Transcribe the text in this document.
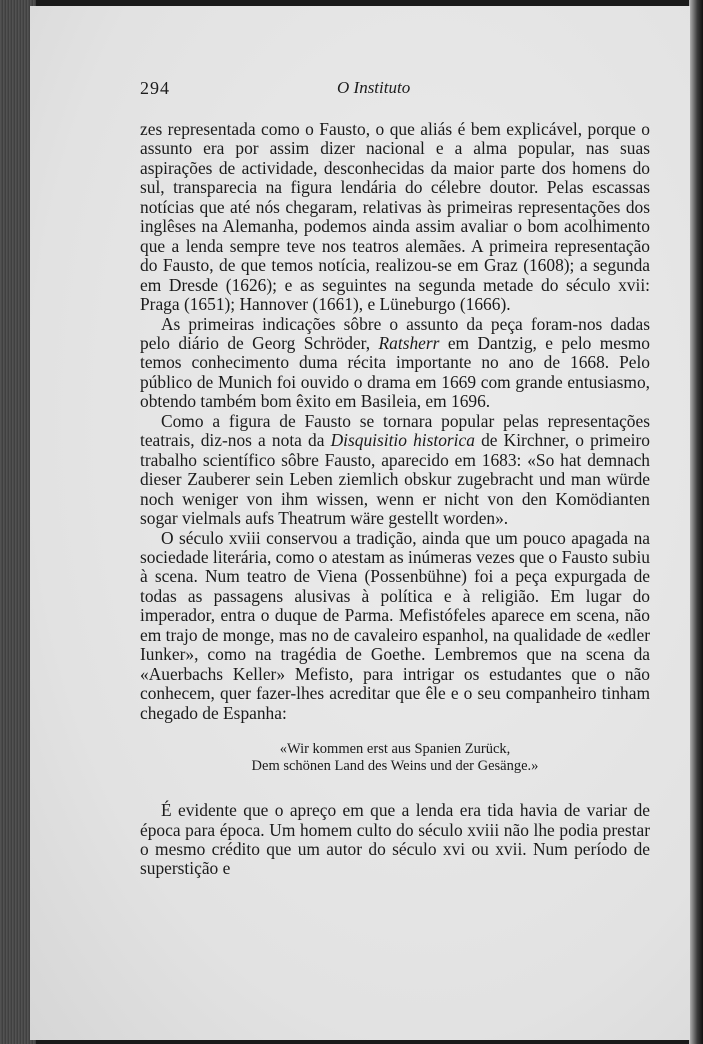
294	O Instituto

zes representada como o Fausto, o que aliás é bem explicável, porque o assunto era por assim dizer nacional e a alma popular, nas suas aspirações de actividade, desconhecidas da maior parte dos homens do sul, transparecia na figura lendária do célebre doutor. Pelas escassas notícias que até nós chegaram, relativas às primeiras representações dos inglêses na Alemanha, podemos ainda assim avaliar o bom acolhimento que a lenda sempre teve nos teatros alemães. A primeira representação do Fausto, de que temos notícia, realizou-se em Graz (1608); a segunda em Dresde (1626); e as seguintes na segunda metade do século xvii: Praga (1651); Hannover (1661), e Lüneburgo (1666).

As primeiras indicações sôbre o assunto da peça foram-nos dadas pelo diário de Georg Schröder, Ratsherr em Dantzig, e pelo mesmo temos conhecimento duma récita importante no ano de 1668. Pelo público de Munich foi ouvido o drama em 1669 com grande entusiasmo, obtendo também bom êxito em Basileia, em 1696.

Como a figura de Fausto se tornara popular pelas representações teatrais, diz-nos a nota da Disquisitio historica de Kirchner, o primeiro trabalho scientífico sôbre Fausto, aparecido em 1683: «So hat demnach dieser Zauberer sein Leben ziemlich obskur zugebracht und man würde noch weniger von ihm wissen, wenn er nicht von den Komödianten sogar vielmals aufs Theatrum wäre gestellt worden».

O século xviii conservou a tradição, ainda que um pouco apagada na sociedade literária, como o atestam as inúmeras vezes que o Fausto subiu à scena. Num teatro de Viena (Possenbühne) foi a peça expurgada de todas as passagens alusivas à política e à religião. Em lugar do imperador, entra o duque de Parma. Mefistófeles aparece em scena, não em trajo de monge, mas no de cavaleiro espanhol, na qualidade de «edler Iunker», como na tragédia de Goethe. Lembremos que na scena da «Auerbachs Keller» Mefisto, para intrigar os estudantes que o não conhecem, quer fazer-lhes acreditar que êle e o seu companheiro tinham chegado de Espanha:

«Wir kommen erst aus Spanien Zurück,
Dem schönen Land des Weins und der Gesänge.»

É evidente que o apreço em que a lenda era tida havia de variar de época para época. Um homem culto do século xviii não lhe podia prestar o mesmo crédito que um autor do século xvi ou xvii. Num período de superstição e
